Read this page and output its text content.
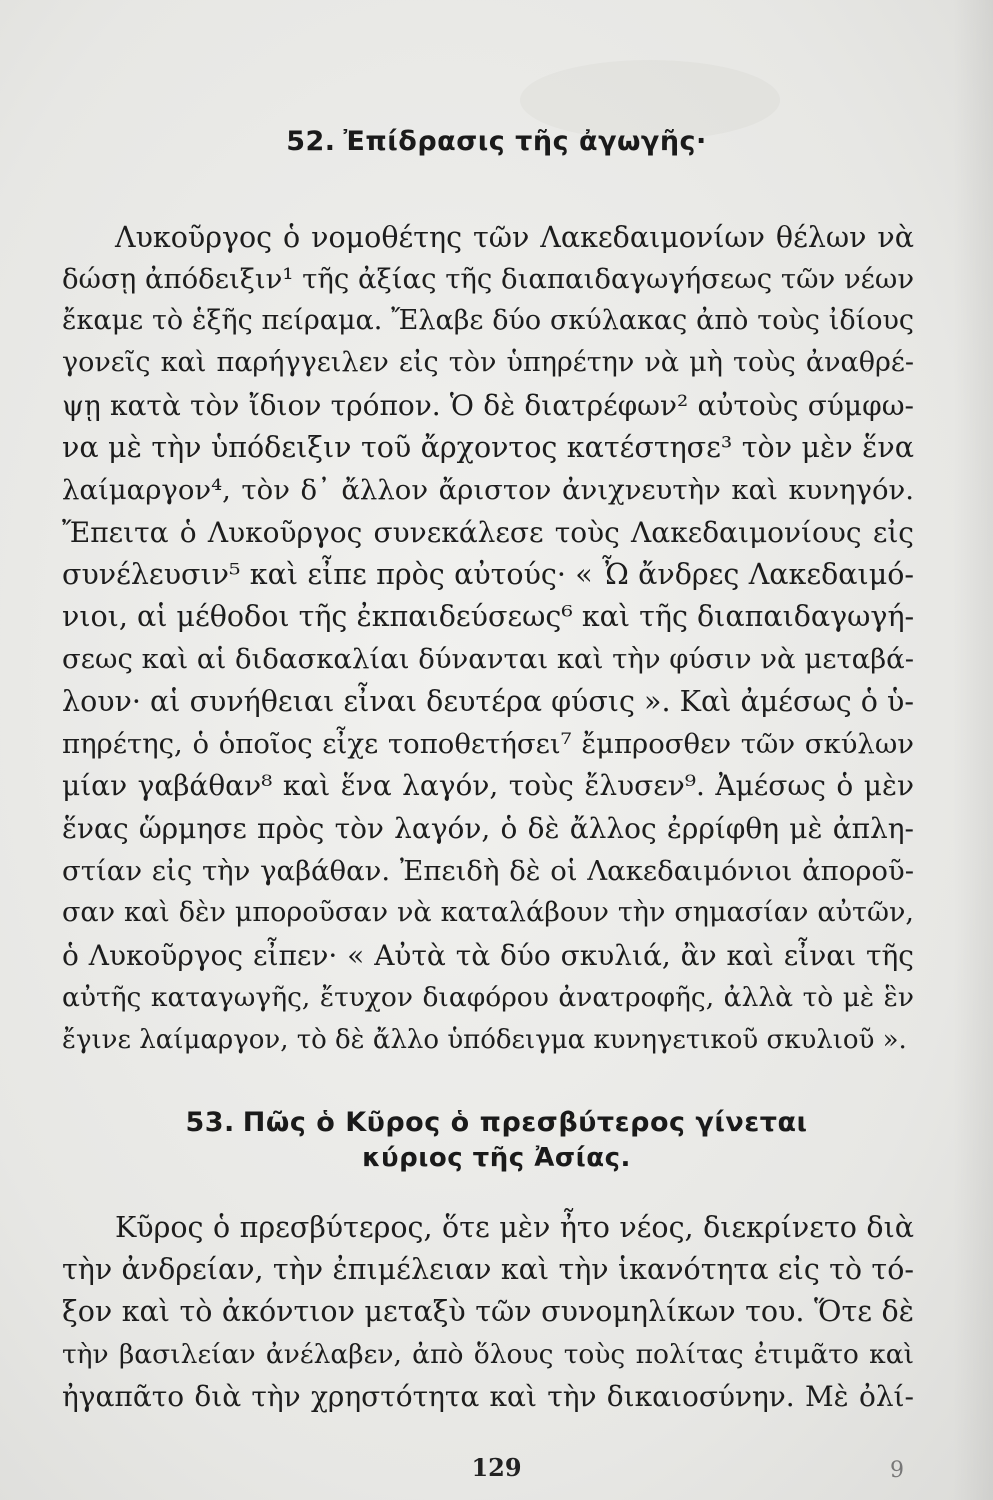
52. Ἐπίδρασις τῆς ἀγωγῆς·
Λυκοῦργος ὁ νομοθέτης τῶν Λακεδαιμονίων θέλων νὰ
δώσῃ ἀπόδειξιν¹ τῆς ἀξίας τῆς διαπαιδαγωγήσεως τῶν νέων
ἔκαμε τὸ ἑξῆς πείραμα. Ἔλαβε δύο σκύλακας ἀπὸ τοὺς ἰδίους
γονεῖς καὶ παρήγγειλεν εἰς τὸν ὑπηρέτην νὰ μὴ τοὺς ἀναθρέ-
ψῃ κατὰ τὸν ἴδιον τρόπον. Ὁ δὲ διατρέφων² αὐτοὺς σύμφω-
να μὲ τὴν ὑπόδειξιν τοῦ ἄρχοντος κατέστησε³ τὸν μὲν ἕνα
λαίμαργον⁴, τὸν δ᾿ ἄλλον ἄριστον ἀνιχνευτὴν καὶ κυνηγόν.
Ἔπειτα ὁ Λυκοῦργος συνεκάλεσε τοὺς Λακεδαιμονίους εἰς
συνέλευσιν⁵ καὶ εἶπε πρὸς αὐτούς· « Ὦ ἄνδρες Λακεδαιμό-
νιοι, αἱ μέθοδοι τῆς ἐκπαιδεύσεως⁶ καὶ τῆς διαπαιδαγωγή-
σεως καὶ αἱ διδασκαλίαι δύνανται καὶ τὴν φύσιν νὰ μεταβά-
λουν· αἱ συνήθειαι εἶναι δευτέρα φύσις ». Καὶ ἀμέσως ὁ ὑ-
πηρέτης, ὁ ὁποῖος εἶχε τοποθετήσει⁷ ἔμπροσθεν τῶν σκύλων
μίαν γαβάθαν⁸ καὶ ἕνα λαγόν, τοὺς ἔλυσεν⁹. Ἀμέσως ὁ μὲν
ἕνας ὥρμησε πρὸς τὸν λαγόν, ὁ δὲ ἄλλος ἐρρίφθη μὲ ἀπλη-
στίαν εἰς τὴν γαβάθαν. Ἐπειδὴ δὲ οἱ Λακεδαιμόνιοι ἀποροῦ-
σαν καὶ δὲν μποροῦσαν νὰ καταλάβουν τὴν σημασίαν αὐτῶν,
ὁ Λυκοῦργος εἶπεν· « Αὐτὰ τὰ δύο σκυλιά, ἂν καὶ εἶναι τῆς
αὐτῆς καταγωγῆς, ἔτυχον διαφόρου ἀνατροφῆς, ἀλλὰ τὸ μὲ ἓν
ἔγινε λαίμαργον, τὸ δὲ ἄλλο ὑπόδειγμα κυνηγετικοῦ σκυλιοῦ ».
53. Πῶς ὁ Κῦρος ὁ πρεσβύτερος γίνεται
κύριος τῆς Ἀσίας.
Κῦρος ὁ πρεσβύτερος, ὅτε μὲν ἦτο νέος, διεκρίνετο διὰ
τὴν ἀνδρείαν, τὴν ἐπιμέλειαν καὶ τὴν ἱκανότητα εἰς τὸ τό-
ξον καὶ τὸ ἀκόντιον μεταξὺ τῶν συνομηλίκων του. Ὅτε δὲ
τὴν βασιλείαν ἀνέλαβεν, ἀπὸ ὅλους τοὺς πολίτας ἐτιμᾶτο καὶ
ἠγαπᾶτο διὰ τὴν χρηστότητα καὶ τὴν δικαιοσύνην. Μὲ ὀλί-
129	9
